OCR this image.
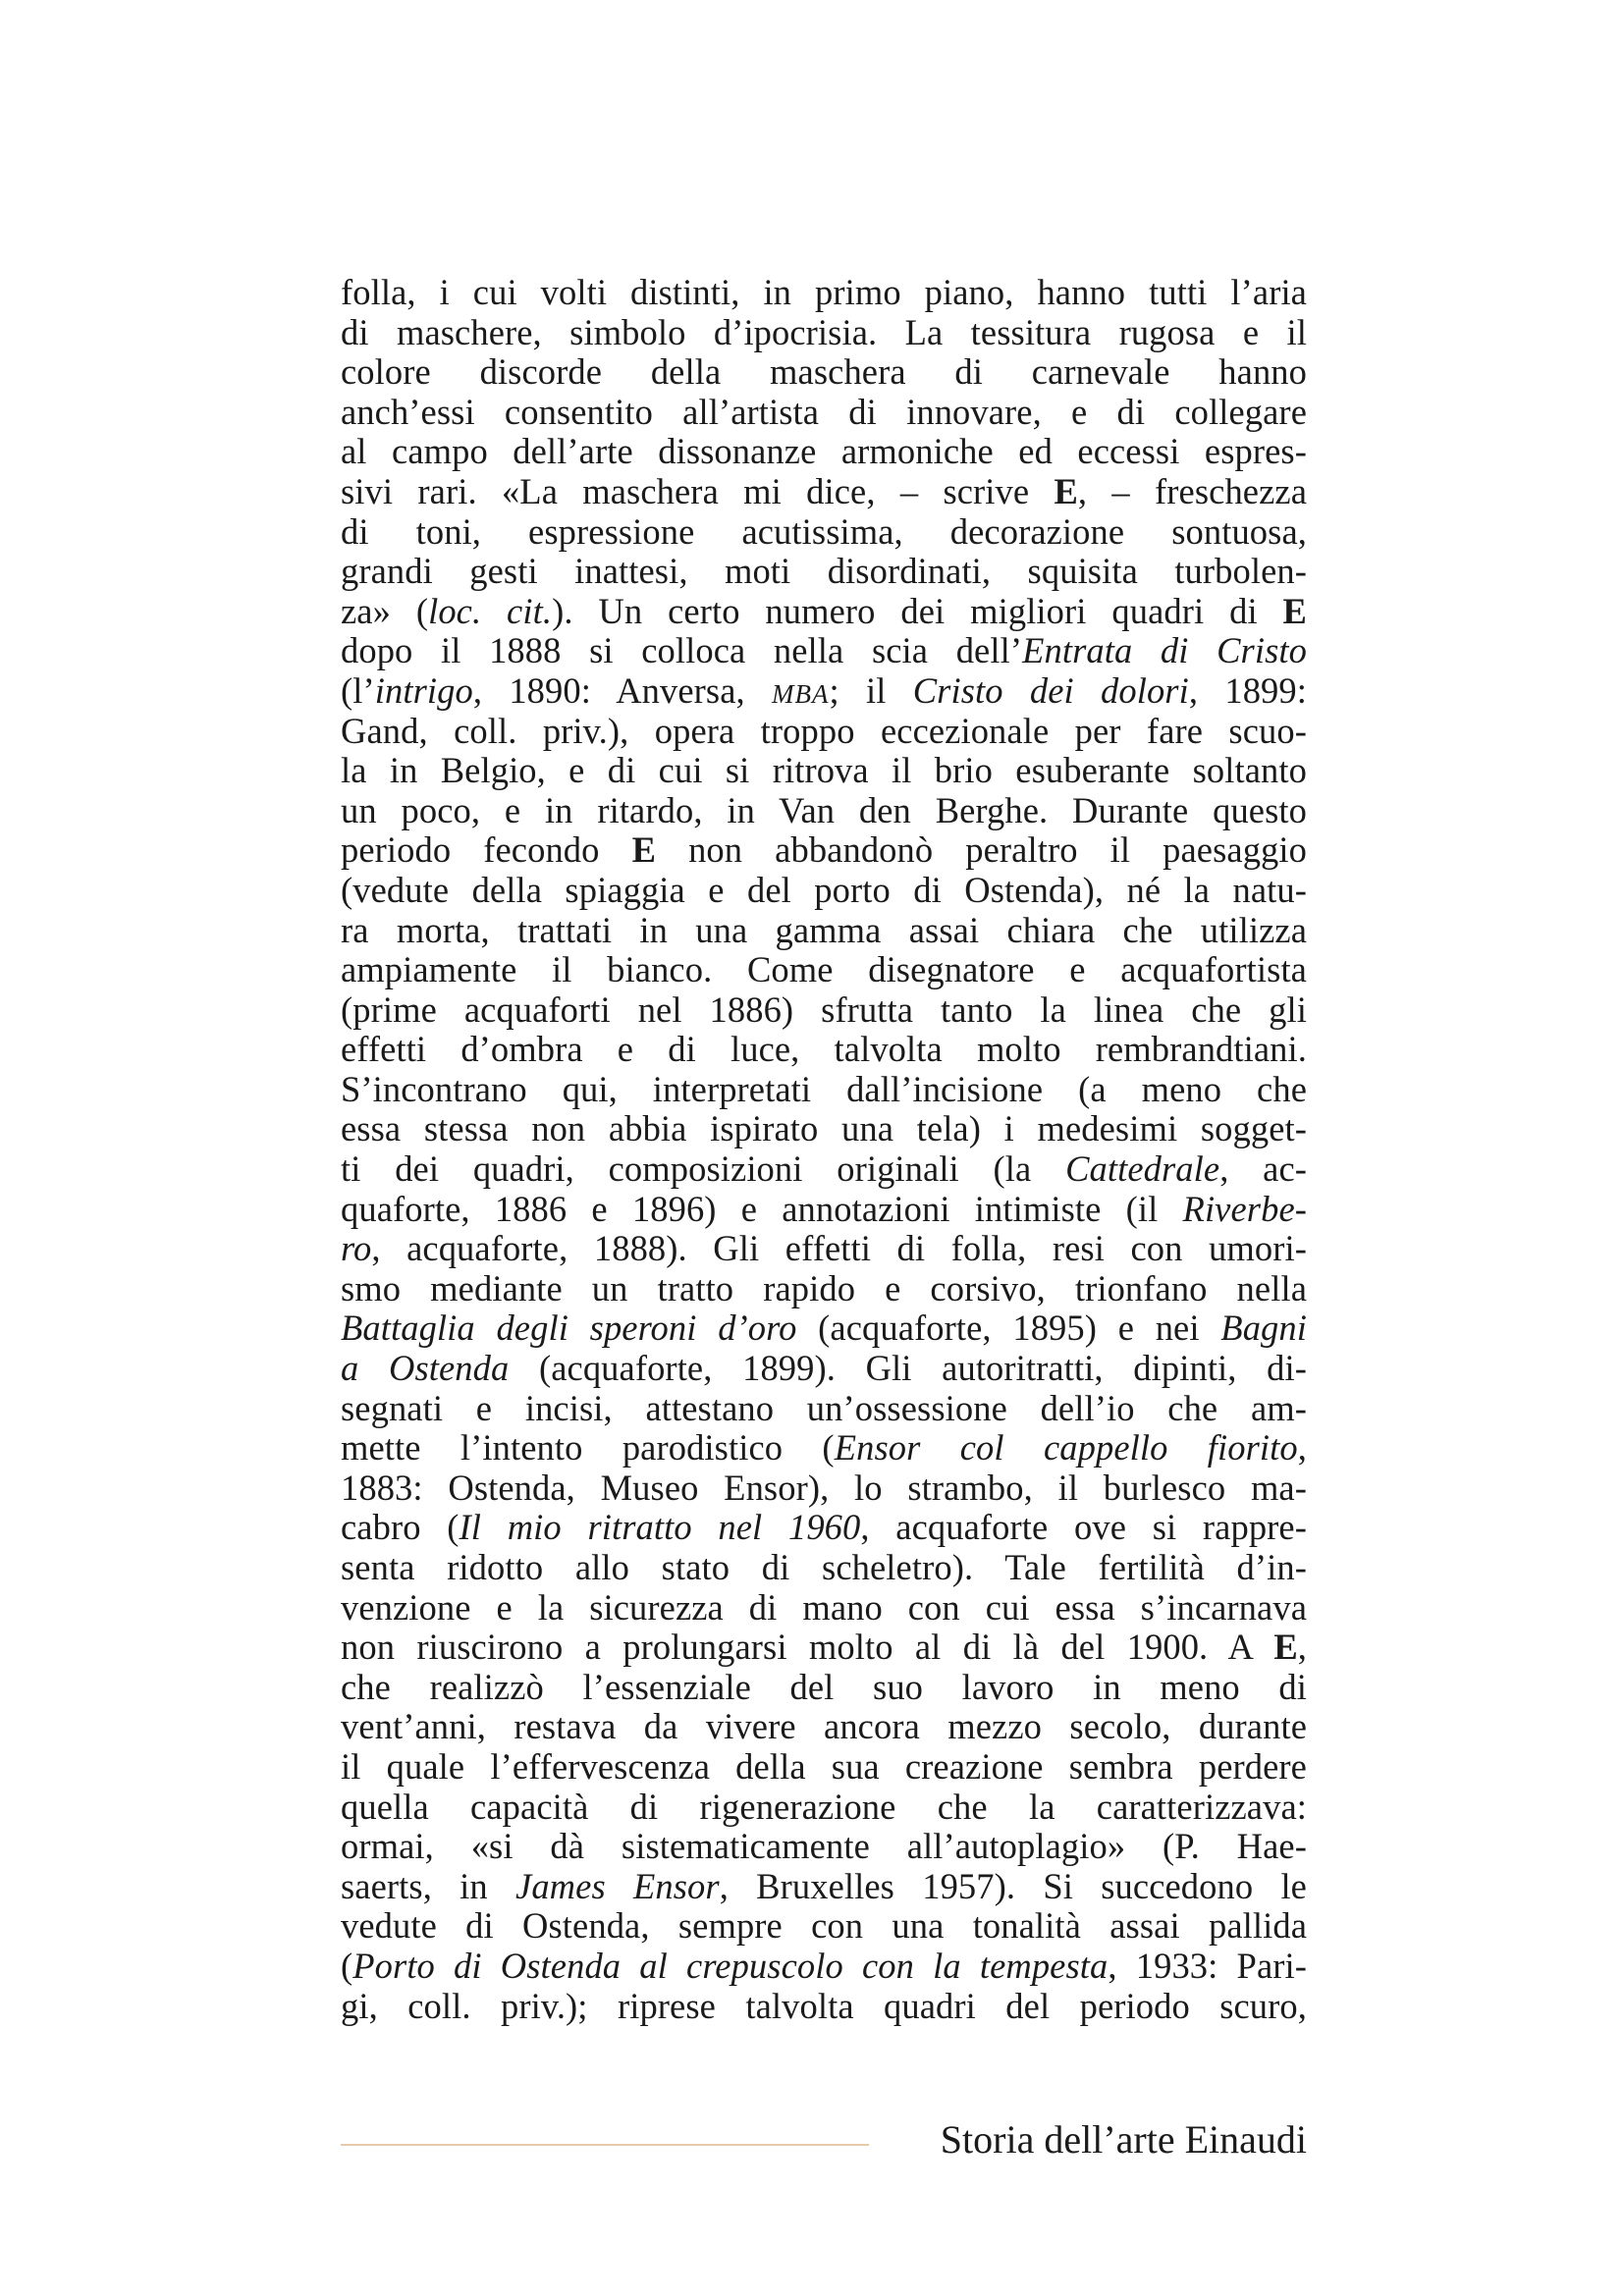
folla, i cui volti distinti, in primo piano, hanno tutti l’aria
di maschere, simbolo d’ipocrisia. La tessitura rugosa e il
colore discorde della maschera di carnevale hanno
anch’essi consentito all’artista di innovare, e di collegare
al campo dell’arte dissonanze armoniche ed eccessi espres-
sivi rari. «La maschera mi dice, – scrive E, – freschezza
di toni, espressione acutissima, decorazione sontuosa,
grandi gesti inattesi, moti disordinati, squisita turbolen-
za» (loc. cit.). Un certo numero dei migliori quadri di E
dopo il 1888 si colloca nella scia dell’Entrata di Cristo
(l’intrigo, 1890: Anversa, MBA; il Cristo dei dolori, 1899:
Gand, coll. priv.), opera troppo eccezionale per fare scuo-
la in Belgio, e di cui si ritrova il brio esuberante soltanto
un poco, e in ritardo, in Van den Berghe. Durante questo
periodo fecondo E non abbandonò peraltro il paesaggio
(vedute della spiaggia e del porto di Ostenda), né la natu-
ra morta, trattati in una gamma assai chiara che utilizza
ampiamente il bianco. Come disegnatore e acquafortista
(prime acquaforti nel 1886) sfrutta tanto la linea che gli
effetti d’ombra e di luce, talvolta molto rembrandtiani.
S’incontrano qui, interpretati dall’incisione (a meno che
essa stessa non abbia ispirato una tela) i medesimi sogget-
ti dei quadri, composizioni originali (la Cattedrale, ac-
quaforte, 1886 e 1896) e annotazioni intimiste (il Riverbe-
ro, acquaforte, 1888). Gli effetti di folla, resi con umori-
smo mediante un tratto rapido e corsivo, trionfano nella
Battaglia degli speroni d’oro (acquaforte, 1895) e nei Bagni
a Ostenda (acquaforte, 1899). Gli autoritratti, dipinti, di-
segnati e incisi, attestano un’ossessione dell’io che am-
mette l’intento parodistico (Ensor col cappello fiorito,
1883: Ostenda, Museo Ensor), lo strambo, il burlesco ma-
cabro (Il mio ritratto nel 1960, acquaforte ove si rappre-
senta ridotto allo stato di scheletro). Tale fertilità d’in-
venzione e la sicurezza di mano con cui essa s’incarnava
non riuscirono a prolungarsi molto al di là del 1900. A E,
che realizzò l’essenziale del suo lavoro in meno di
vent’anni, restava da vivere ancora mezzo secolo, durante
il quale l’effervescenza della sua creazione sembra perdere
quella capacità di rigenerazione che la caratterizzava:
ormai, «si dà sistematicamente all’autoplagio» (P. Hae-
saerts, in James Ensor, Bruxelles 1957). Si succedono le
vedute di Ostenda, sempre con una tonalità assai pallida
(Porto di Ostenda al crepuscolo con la tempesta, 1933: Pari-
gi, coll. priv.); riprese talvolta quadri del periodo scuro,
Storia dell’arte Einaudi
